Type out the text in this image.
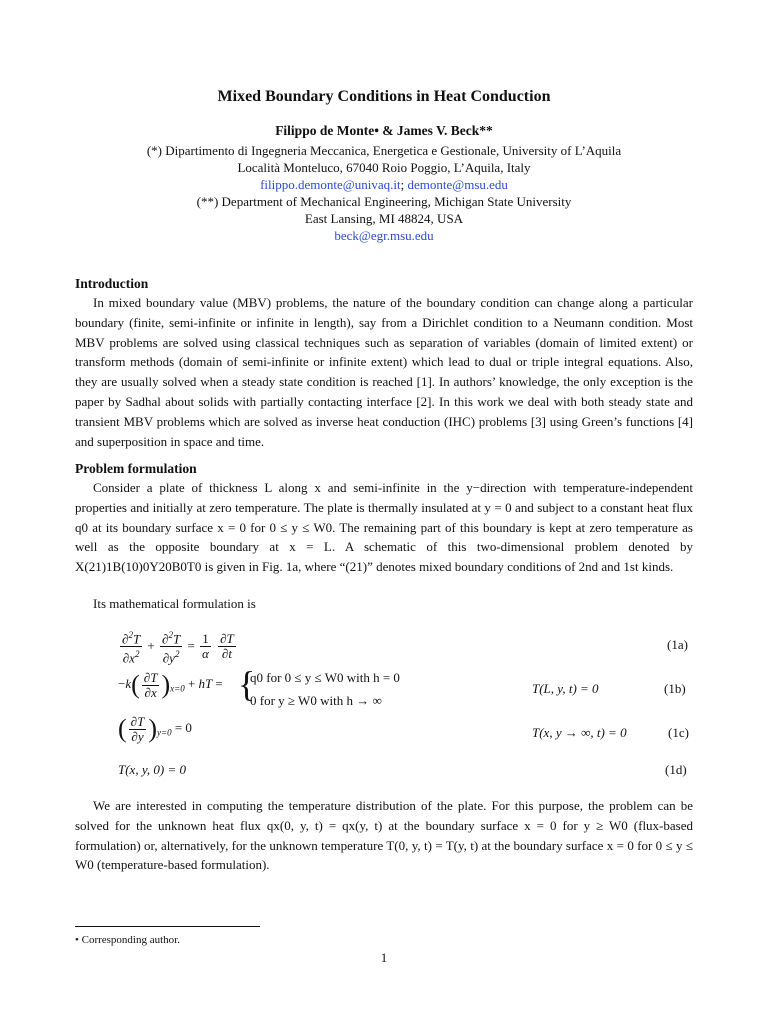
Mixed Boundary Conditions in Heat Conduction
Filippo de Monte• & James V. Beck**
(*) Dipartimento di Ingegneria Meccanica, Energetica e Gestionale, University of L’Aquila
Località Monteluco, 67040 Roio Poggio, L’Aquila, Italy
filippo.demonte@univaq.it; demonte@msu.edu
(**) Department of Mechanical Engineering, Michigan State University
East Lansing, MI 48824, USA
beck@egr.msu.edu
Introduction
In mixed boundary value (MBV) problems, the nature of the boundary condition can change along a particular boundary (finite, semi-infinite or infinite in length), say from a Dirichlet condition to a Neumann condition. Most MBV problems are solved using classical techniques such as separation of variables (domain of limited extent) or transform methods (domain of semi-infinite or infinite extent) which lead to dual or triple integral equations. Also, they are usually solved when a steady state condition is reached [1]. In authors’ knowledge, the only exception is the paper by Sadhal about solids with partially contacting interface [2]. In this work we deal with both steady state and transient MBV problems which are solved as inverse heat conduction (IHC) problems [3] using Green’s functions [4] and superposition in space and time.
Problem formulation
Consider a plate of thickness L along x and semi-infinite in the y−direction with temperature-independent properties and initially at zero temperature. The plate is thermally insulated at y = 0 and subject to a constant heat flux q0 at its boundary surface x = 0 for 0 ≤ y ≤ W0. The remaining part of this boundary is kept at zero temperature as well as the opposite boundary at x = L. A schematic of this two-dimensional problem denoted by X(21)1B(10)0Y20B0T0 is given in Fig. 1a, where “(21)” denotes mixed boundary conditions of 2nd and 1st kinds.
Its mathematical formulation is
$\frac{\partial^2T}{\partial x^2} + \frac{\partial^2T}{\partial y^2} = \frac{1}{\alpha}$
$\frac{\partial T}{\partial t}$	(1a)
$-k( \frac{\partial T}{\partial x} )_{x=0}$ + hT = {
q0 for 0 ≤ y ≤ W0 with h = 0
0 for y ≥ W0 with h → ∞
T(L, y, t) = 0	(1b)
( $\frac{\partial T}{\partial y} )_{y=0} = 0$	T(x, y → ∞, t) = 0	(1c)
T(x, y, 0) = 0	(1d)
We are interested in computing the temperature distribution of the plate. For this purpose, the problem can be solved for the unknown heat flux qx(0, y, t) = qx(y, t) at the boundary surface x = 0 for y ≥ W0 (flux-based formulation) or, alternatively, for the unknown temperature T(0, y, t) = T(y, t) at the boundary surface x = 0 for 0 ≤ y ≤ W0 (temperature-based formulation).
• Corresponding author.
1
